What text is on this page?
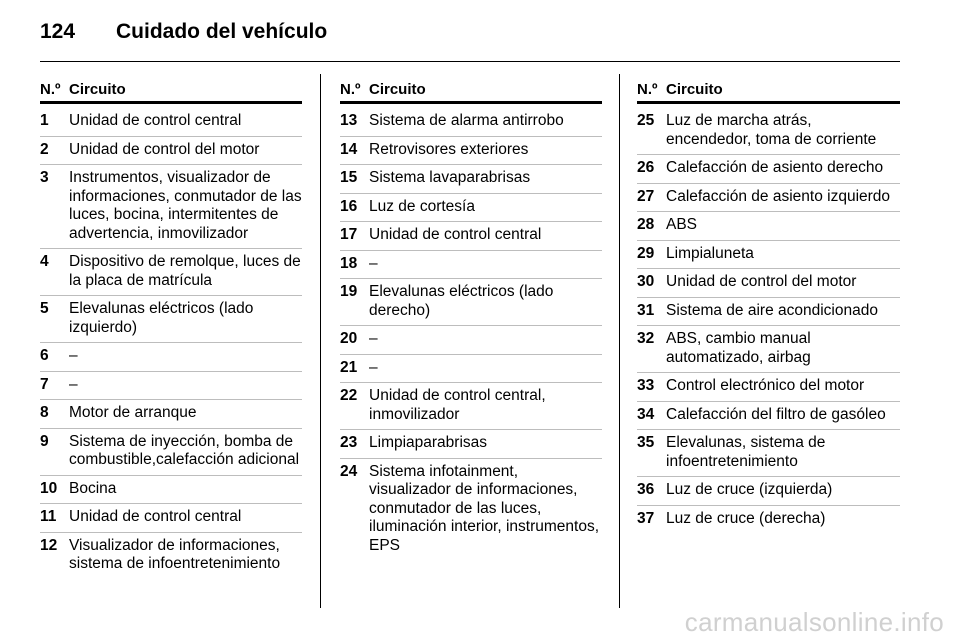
124	Cuidado del vehículo
N.º Circuito
1	Unidad de control central
2	Unidad de control del motor
3	Instrumentos, visualizador de informaciones, conmutador de las luces, bocina, intermitentes de advertencia, inmovilizador
4	Dispositivo de remolque, luces de la placa de matrícula
5	Elevalunas eléctricos (lado izquierdo)
6	–
7	–
8	Motor de arranque
9	Sistema de inyección, bomba de combustible,calefacción adicional
10 Bocina
11 Unidad de control central
12 Visualizador de informaciones, sistema de infoentretenimiento
N.º Circuito
13 Sistema de alarma antirrobo
14 Retrovisores exteriores
15 Sistema lavaparabrisas
16 Luz de cortesía
17 Unidad de control central
18 –
19 Elevalunas eléctricos (lado derecho)
20 –
21 –
22 Unidad de control central, inmovilizador
23 Limpiaparabrisas
24 Sistema infotainment, visualizador de informaciones, conmutador de las luces, iluminación interior, instrumentos, EPS
N.º Circuito
25 Luz de marcha atrás, encendedor, toma de corriente
26 Calefacción de asiento derecho
27 Calefacción de asiento izquierdo
28 ABS
29 Limpialuneta
30 Unidad de control del motor
31 Sistema de aire acondicionado
32 ABS, cambio manual automatizado, airbag
33 Control electrónico del motor
34 Calefacción del filtro de gasóleo
35 Elevalunas, sistema de infoentretenimiento
36 Luz de cruce (izquierda)
37 Luz de cruce (derecha)
carmanualsonline.info
